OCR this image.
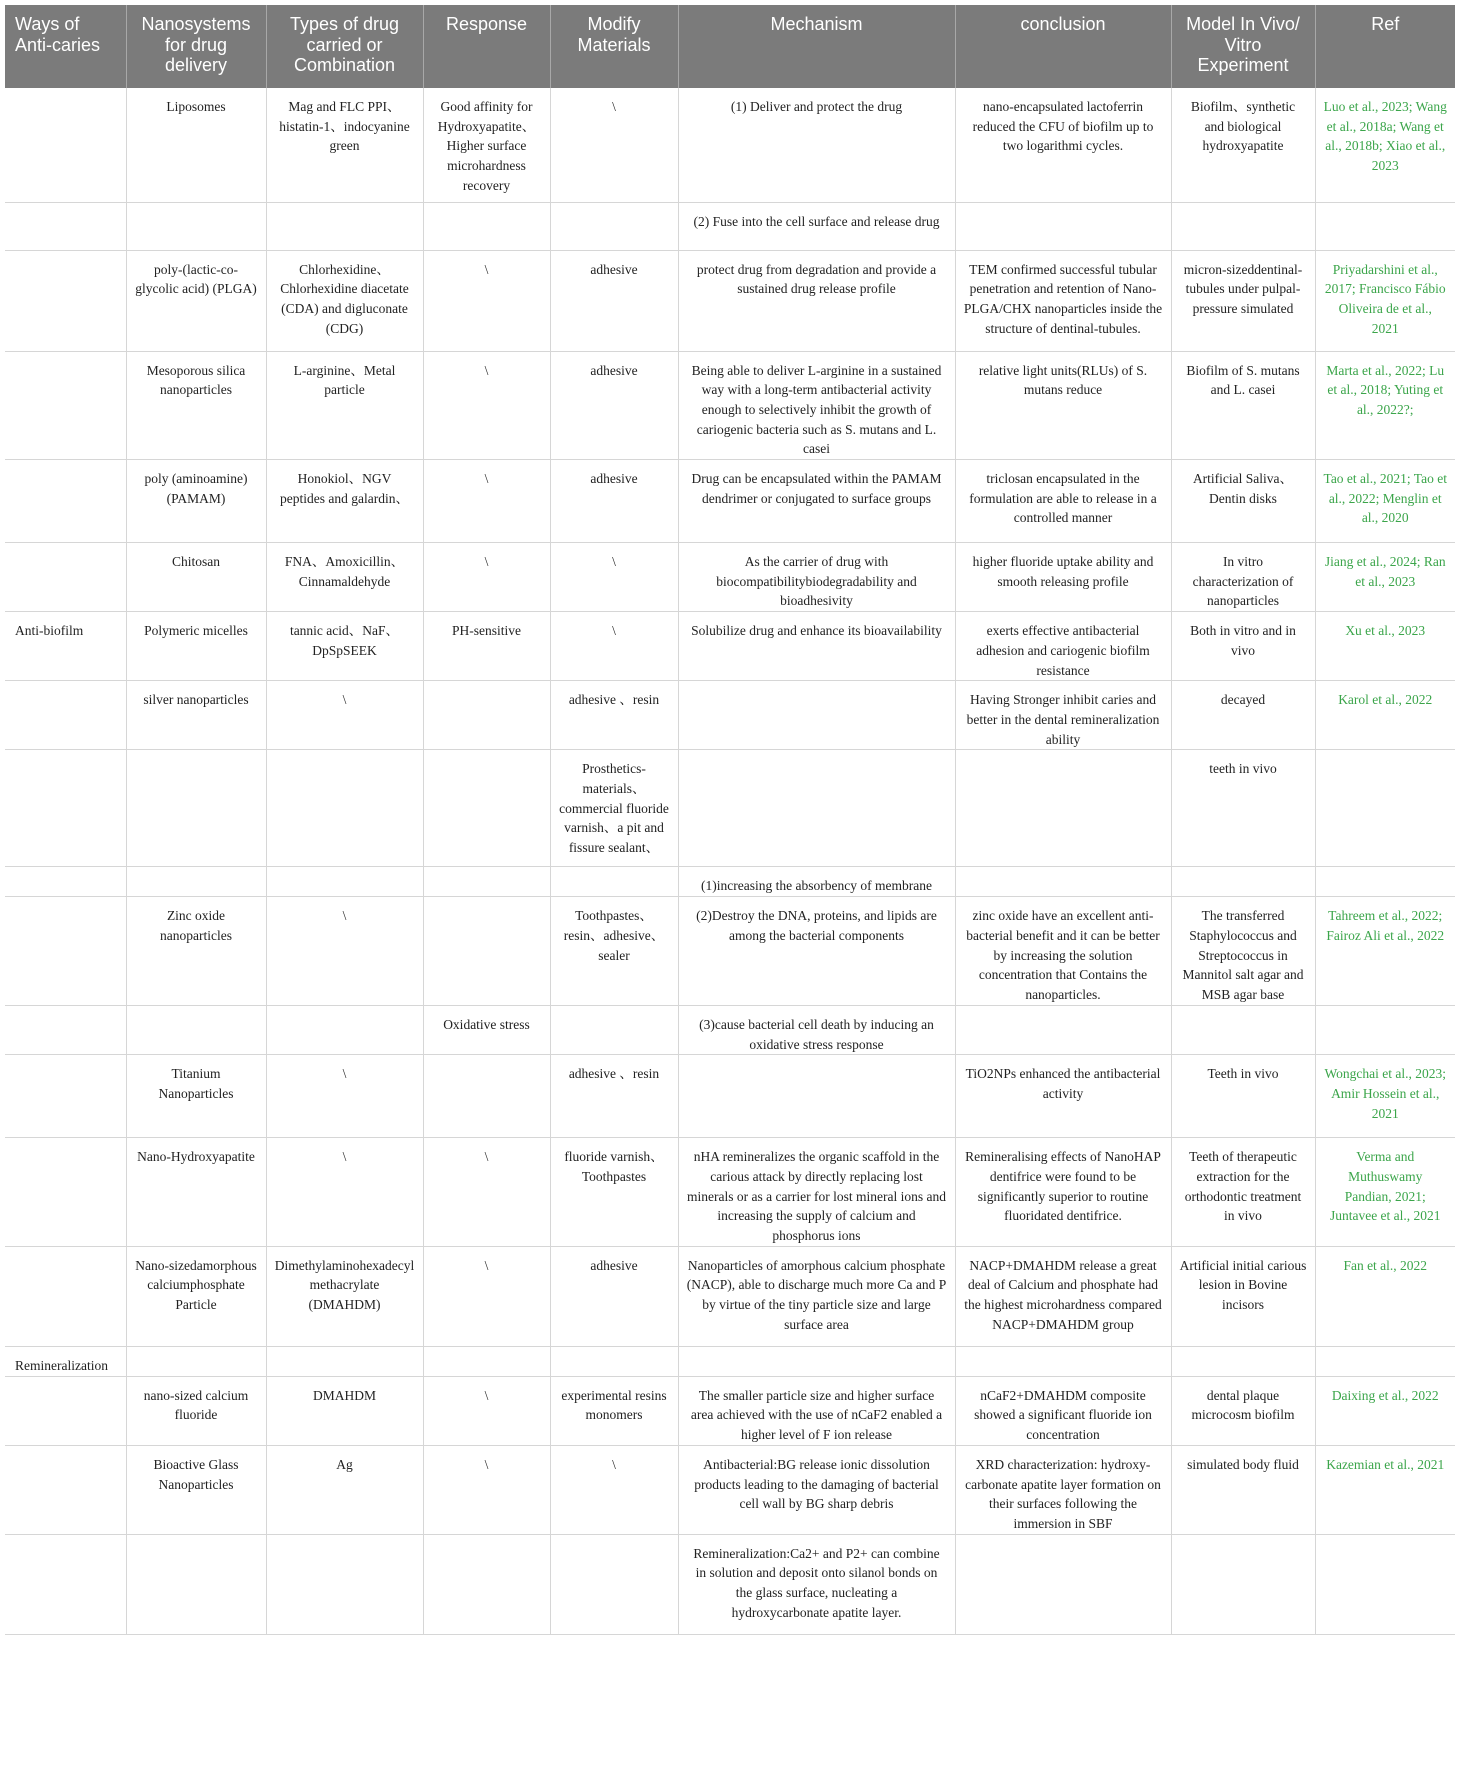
Ways of Anti-caries	Nanosystems for drug delivery	Types of drug carried or Combination	Response	Modify Materials	Mechanism	conclusion	Model In Vivo/ Vitro Experiment	Ref
	Liposomes	Mag and FLC PPI、histatin-1、indocyanine green	Good affinity for Hydroxyapatite、Higher surface microhardness recovery	\	(1) Deliver and protect the drug	nano-encapsulated lactoferrin reduced the CFU of biofilm up to two logarithmi cycles.	Biofilm、synthetic and biological hydroxyapatite	Luo et al., 2023; Wang et al., 2018a; Wang et al., 2018b; Xiao et al., 2023
					(2) Fuse into the cell surface and release drug			
	poly-(lactic-co-glycolic acid) (PLGA)	Chlorhexidine、Chlorhexidine diacetate (CDA) and digluconate (CDG)	\	adhesive	protect drug from degradation and provide a sustained drug release profile	TEM confirmed successful tubular penetration and retention of Nano-PLGA/CHX nanoparticles inside the structure of dentinal-tubules.	micron-sizeddentinal-tubules under pulpal-pressure simulated	Priyadarshini et al., 2017; Francisco Fábio Oliveira de et al., 2021
	Mesoporous silica nanoparticles	L-arginine、Metal particle	\	adhesive	Being able to deliver L-arginine in a sustained way with a long-term antibacterial activity enough to selectively inhibit the growth of cariogenic bacteria such as S. mutans and L. casei	relative light units(RLUs) of S. mutans reduce	Biofilm of S. mutans and L. casei	Marta et al., 2022; Lu et al., 2018; Yuting et al., 2022?;
	poly (aminoamine) (PAMAM)	Honokiol、NGV peptides and galardin、	\	adhesive	Drug can be encapsulated within the PAMAM dendrimer or conjugated to surface groups	triclosan encapsulated in the formulation are able to release in a controlled manner	Artificial Saliva、Dentin disks	Tao et al., 2021; Tao et al., 2022; Menglin et al., 2020
	Chitosan	FNA、Amoxicillin、Cinnamaldehyde	\	\	As the carrier of drug with biocompatibilitybiodegradability and bioadhesivity	higher fluoride uptake ability and smooth releasing profile	In vitro characterization of nanoparticles	Jiang et al., 2024; Ran et al., 2023
Anti-biofilm	Polymeric micelles	tannic acid、NaF、DpSpSEEK	PH-sensitive	\	Solubilize drug and enhance its bioavailability	exerts effective antibacterial adhesion and cariogenic biofilm resistance	Both in vitro and in vivo	Xu et al., 2023
	silver nanoparticles	\		adhesive 、resin		Having Stronger inhibit caries and better in the dental remineralization ability	decayed	Karol et al., 2022
				Prosthetics-materials、commercial fluoride varnish、a pit and fissure sealant、			teeth in vivo	
					(1)increasing the absorbency of membrane			
	Zinc oxide nanoparticles	\		Toothpastes、resin、adhesive、sealer	(2)Destroy the DNA, proteins, and lipids are among the bacterial components	zinc oxide have an excellent anti-bacterial benefit and it can be better by increasing the solution concentration that Contains the nanoparticles.	The transferred Staphylococcus and Streptococcus in Mannitol salt agar and MSB agar base	Tahreem et al., 2022; Fairoz Ali et al., 2022
			Oxidative stress		(3)cause bacterial cell death by inducing an oxidative stress response			
	Titanium Nanoparticles	\		adhesive 、resin		TiO2NPs enhanced the antibacterial activity	Teeth in vivo	Wongchai et al., 2023; Amir Hossein et al., 2021
	Nano-Hydroxyapatite	\	\	fluoride varnish、Toothpastes	nHA remineralizes the organic scaffold in the carious attack by directly replacing lost minerals or as a carrier for lost mineral ions and increasing the supply of calcium and phosphorus ions	Remineralising effects of NanoHAP dentifrice were found to be significantly superior to routine fluoridated dentifrice.	Teeth of therapeutic extraction for the orthodontic treatment in vivo	Verma and Muthuswamy Pandian, 2021; Juntavee et al., 2021
	Nano-sizedamorphous calciumphosphate Particle	Dimethylaminohexadecyl methacrylate (DMAHDM)	\	adhesive	Nanoparticles of amorphous calcium phosphate (NACP), able to discharge much more Ca and P by virtue of the tiny particle size and large surface area	NACP+DMAHDM release a great deal of Calcium and phosphate had the highest microhardness compared NACP+DMAHDM group	Artificial initial carious lesion in Bovine incisors	Fan et al., 2022
Remineralization								
	nano-sized calcium fluoride	DMAHDM	\	experimental resins monomers	The smaller particle size and higher surface area achieved with the use of nCaF2 enabled a higher level of F ion release	nCaF2+DMAHDM composite showed a significant fluoride ion concentration	dental plaque microcosm biofilm	Daixing et al., 2022
	Bioactive Glass Nanoparticles	Ag	\	\	Antibacterial:BG release ionic dissolution products leading to the damaging of bacterial cell wall by BG sharp debris	XRD characterization: hydroxy-carbonate apatite layer formation on their surfaces following the immersion in SBF	simulated body fluid	Kazemian et al., 2021
					Remineralization:Ca2+ and P2+ can combine in solution and deposit onto silanol bonds on the glass surface, nucleating a hydroxycarbonate apatite layer.			
